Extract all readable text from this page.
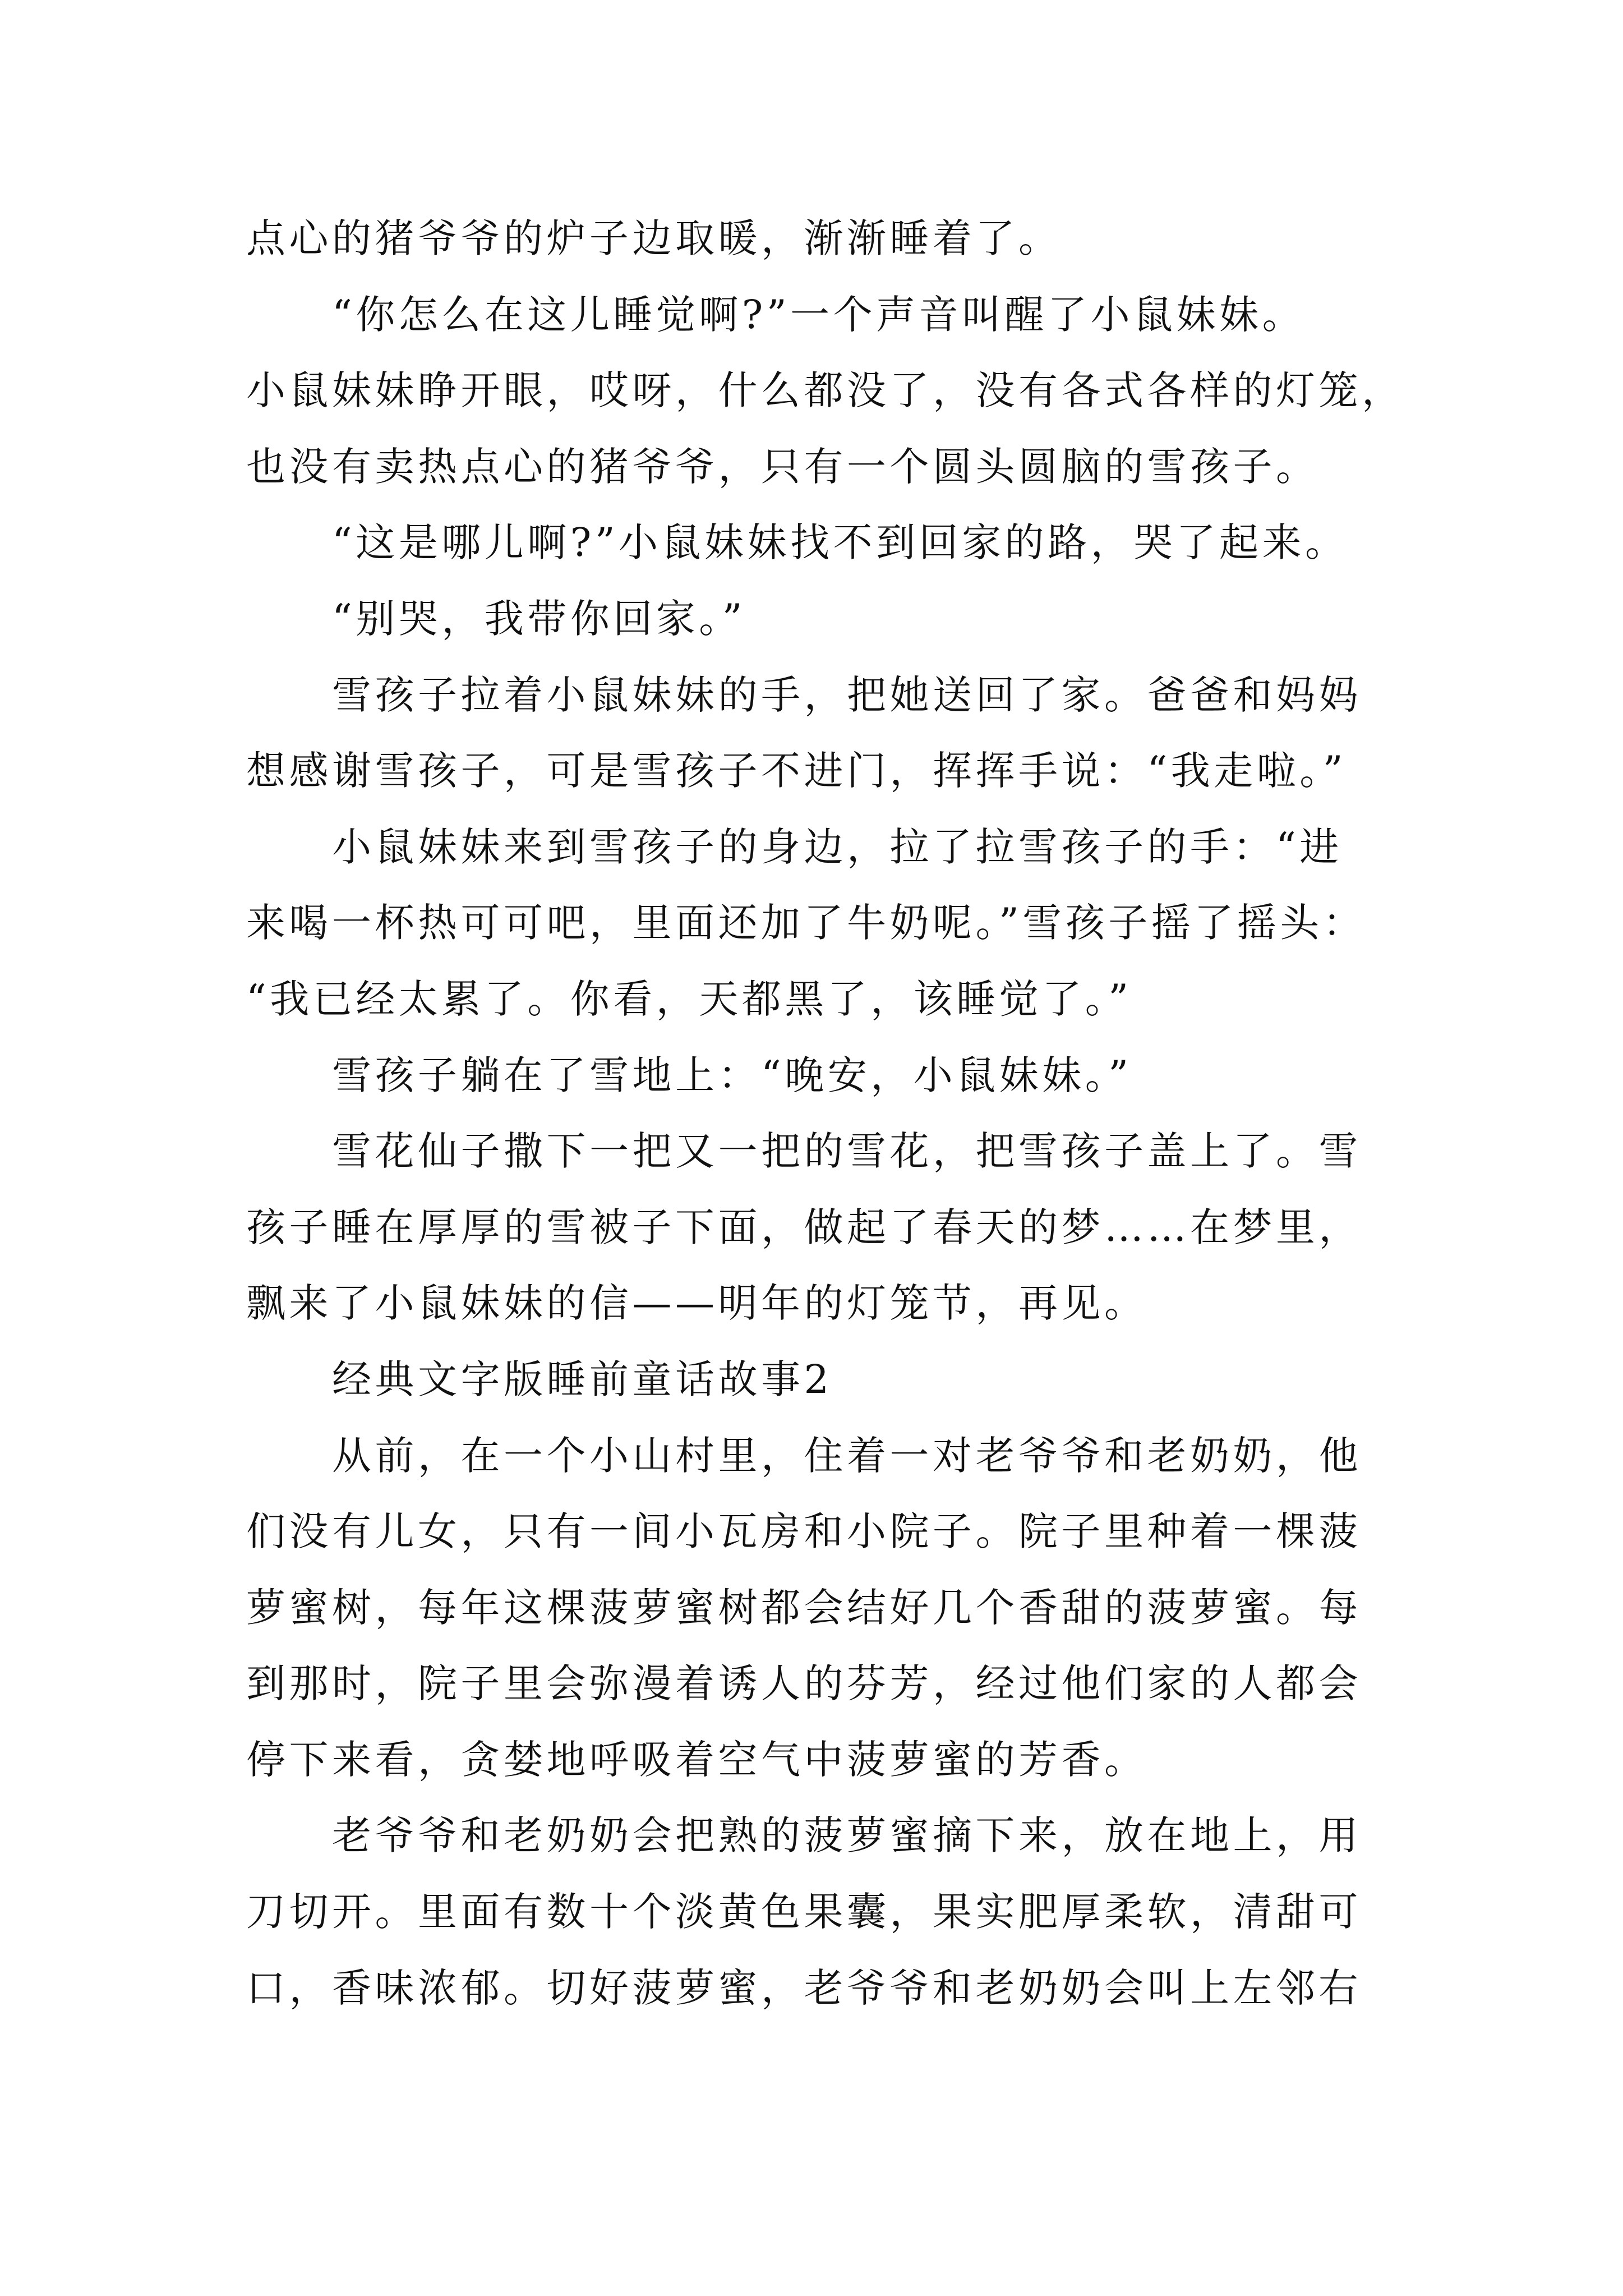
点心的猪爷爷的炉子边取暖，渐渐睡着了。
“你怎么在这儿睡觉啊?”一个声音叫醒了小鼠妹妹。
小鼠妹妹睁开眼，哎呀，什么都没了，没有各式各样的灯笼，
也没有卖热点心的猪爷爷，只有一个圆头圆脑的雪孩子。
“这是哪儿啊?”小鼠妹妹找不到回家的路，哭了起来。
“别哭，我带你回家。”
雪孩子拉着小鼠妹妹的手，把她送回了家。爸爸和妈妈
想感谢雪孩子，可是雪孩子不进门，挥挥手说：“我走啦。”
小鼠妹妹来到雪孩子的身边，拉了拉雪孩子的手：“进
来喝一杯热可可吧，里面还加了牛奶呢。”雪孩子摇了摇头：
“我已经太累了。你看，天都黑了，该睡觉了。”
雪孩子躺在了雪地上：“晚安，小鼠妹妹。”
雪花仙子撒下一把又一把的雪花，把雪孩子盖上了。雪
孩子睡在厚厚的雪被子下面，做起了春天的梦……在梦里，
飘来了小鼠妹妹的信——明年的灯笼节，再见。
经典文字版睡前童话故事2
从前，在一个小山村里，住着一对老爷爷和老奶奶，他
们没有儿女，只有一间小瓦房和小院子。院子里种着一棵菠
萝蜜树，每年这棵菠萝蜜树都会结好几个香甜的菠萝蜜。每
到那时，院子里会弥漫着诱人的芬芳，经过他们家的人都会
停下来看，贪婪地呼吸着空气中菠萝蜜的芳香。
老爷爷和老奶奶会把熟的菠萝蜜摘下来，放在地上，用
刀切开。里面有数十个淡黄色果囊，果实肥厚柔软，清甜可
口，香味浓郁。切好菠萝蜜，老爷爷和老奶奶会叫上左邻右
